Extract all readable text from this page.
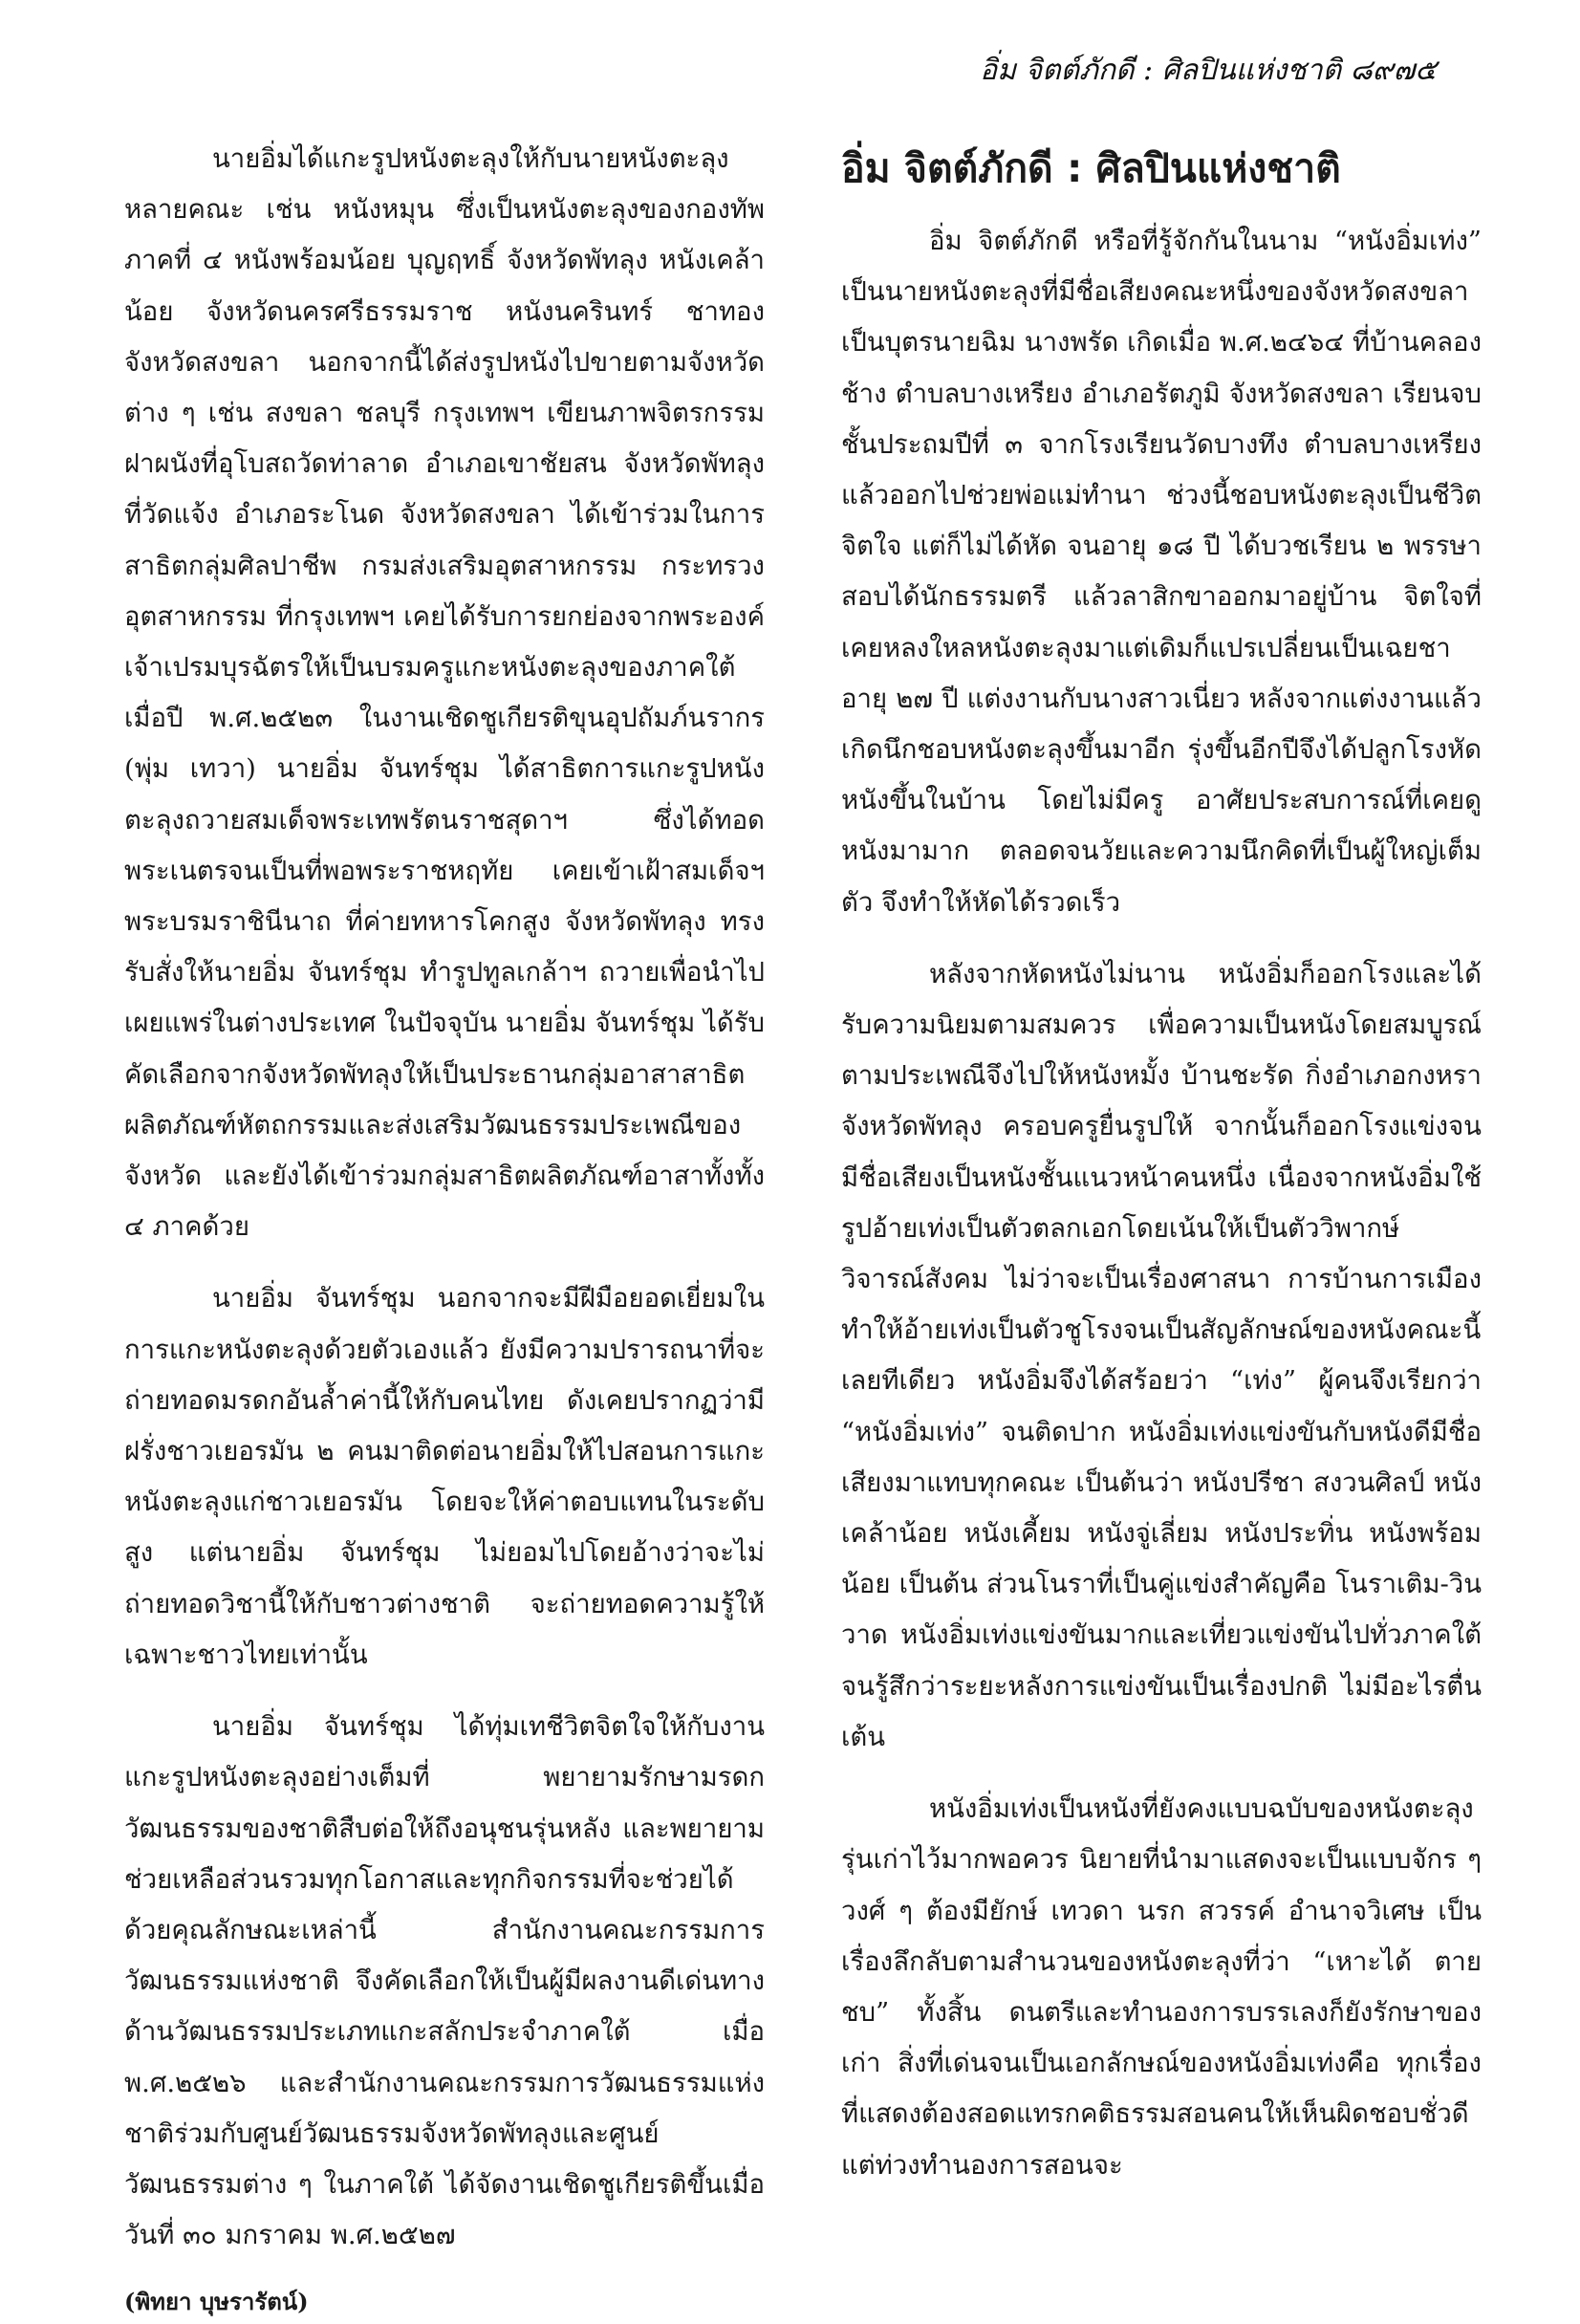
อิ่ม จิตต์ภักดี : ศิลปินแห่งชาติ ๘๙๗๕

นายอิ่มได้แกะรูปหนังตะลุงให้กับนายหนังตะลุงหลายคณะ เช่น หนังหมุน ซึ่งเป็นหนังตะลุงของกองทัพภาคที่ ๔ หนังพร้อมน้อย บุญฤทธิ์ จังหวัดพัทลุง หนังเคล้าน้อย จังหวัดนครศรีธรรมราช หนังนครินทร์ ชาทอง จังหวัดสงขลา นอกจากนี้ได้ส่งรูปหนังไปขายตามจังหวัดต่าง ๆ เช่น สงขลา ชลบุรี กรุงเทพฯ เขียนภาพจิตรกรรมฝาผนังที่อุโบสถวัดท่าลาด อำเภอเขาชัยสน จังหวัดพัทลุง ที่วัดแจ้ง อำเภอระโนด จังหวัดสงขลา ได้เข้าร่วมในการสาธิตกลุ่มศิลปาชีพ กรมส่งเสริมอุตสาหกรรม กระทรวงอุตสาหกรรม ที่กรุงเทพฯ เคยได้รับการยกย่องจากพระองค์เจ้าเปรมบุรฉัตรให้เป็นบรมครูแกะหนังตะลุงของภาคใต้ เมื่อปี พ.ศ.๒๕๒๓ ในงานเชิดชูเกียรติขุนอุปถัมภ์นรากร (พุ่ม เทวา) นายอิ่ม จันทร์ชุม ได้สาธิตการแกะรูปหนังตะลุงถวายสมเด็จพระเทพรัตนราชสุดาฯ ซึ่งได้ทอดพระเนตรจนเป็นที่พอพระราชหฤทัย เคยเข้าเฝ้าสมเด็จฯ พระบรมราชินีนาถ ที่ค่ายทหารโคกสูง จังหวัดพัทลุง ทรงรับสั่งให้นายอิ่ม จันทร์ชุม ทำรูปทูลเกล้าฯ ถวายเพื่อนำไปเผยแพร่ในต่างประเทศ ในปัจจุบัน นายอิ่ม จันทร์ชุม ได้รับคัดเลือกจากจังหวัดพัทลุงให้เป็นประธานกลุ่มอาสาสาธิตผลิตภัณฑ์หัตถกรรมและส่งเสริมวัฒนธรรมประเพณีของจังหวัด และยังได้เข้าร่วมกลุ่มสาธิตผลิตภัณฑ์อาสาทั้งทั้ง ๔ ภาคด้วย

นายอิ่ม จันทร์ชุม นอกจากจะมีฝีมือยอดเยี่ยมในการแกะหนังตะลุงด้วยตัวเองแล้ว ยังมีความปรารถนาที่จะถ่ายทอดมรดกอันล้ำค่านี้ให้กับคนไทย ดังเคยปรากฏว่ามีฝรั่งชาวเยอรมัน ๒ คนมาติดต่อนายอิ่มให้ไปสอนการแกะหนังตะลุงแก่ชาวเยอรมัน โดยจะให้ค่าตอบแทนในระดับสูง แต่นายอิ่ม จันทร์ชุม ไม่ยอมไปโดยอ้างว่าจะไม่ถ่ายทอดวิชานี้ให้กับชาวต่างชาติ จะถ่ายทอดความรู้ให้เฉพาะชาวไทยเท่านั้น

นายอิ่ม จันทร์ชุม ได้ทุ่มเทชีวิตจิตใจให้กับงานแกะรูปหนังตะลุงอย่างเต็มที่ พยายามรักษามรดกวัฒนธรรมของชาติสืบต่อให้ถึงอนุชนรุ่นหลัง และพยายามช่วยเหลือส่วนรวมทุกโอกาสและทุกกิจกรรมที่จะช่วยได้ ด้วยคุณลักษณะเหล่านี้ สำนักงานคณะกรรมการวัฒนธรรมแห่งชาติ จึงคัดเลือกให้เป็นผู้มีผลงานดีเด่นทางด้านวัฒนธรรมประเภทแกะสลักประจำภาคใต้ เมื่อ พ.ศ.๒๕๒๖ และสำนักงานคณะกรรมการวัฒนธรรมแห่งชาติร่วมกับศูนย์วัฒนธรรมจังหวัดพัทลุงและศูนย์วัฒนธรรมต่าง ๆ ในภาคใต้ ได้จัดงานเชิดชูเกียรติขึ้นเมื่อวันที่ ๓๐ มกราคม พ.ศ.๒๕๒๗

(พิทยา บุษรารัตน์)
อิ่ม จิตต์ภักดี : ศิลปินแห่งชาติ

อิ่ม จิตต์ภักดี หรือที่รู้จักกันในนาม “หนังอิ่มเท่ง” เป็นนายหนังตะลุงที่มีชื่อเสียงคณะหนึ่งของจังหวัดสงขลา เป็นบุตรนายฉิม นางพรัด เกิดเมื่อ พ.ศ.๒๔๖๔ ที่บ้านคลองช้าง ตำบลบางเหรียง อำเภอรัตภูมิ จังหวัดสงขลา เรียนจบชั้นประถมปีที่ ๓ จากโรงเรียนวัดบางทึง ตำบลบางเหรียง แล้วออกไปช่วยพ่อแม่ทำนา ช่วงนี้ชอบหนังตะลุงเป็นชีวิตจิตใจ แต่ก็ไม่ได้หัด จนอายุ ๑๘ ปี ได้บวชเรียน ๒ พรรษา สอบได้นักธรรมตรี แล้วลาสิกขาออกมาอยู่บ้าน จิตใจที่เคยหลงใหลหนังตะลุงมาแต่เดิมก็แปรเปลี่ยนเป็นเฉยชา อายุ ๒๗ ปี แต่งงานกับนางสาวเนี่ยว หลังจากแต่งงานแล้วเกิดนึกชอบหนังตะลุงขึ้นมาอีก รุ่งขึ้นอีกปีจึงได้ปลูกโรงหัดหนังขึ้นในบ้าน โดยไม่มีครู อาศัยประสบการณ์ที่เคยดูหนังมามาก ตลอดจนวัยและความนึกคิดที่เป็นผู้ใหญ่เต็มตัว จึงทำให้หัดได้รวดเร็ว

หลังจากหัดหนังไม่นาน หนังอิ่มก็ออกโรงและได้รับความนิยมตามสมควร เพื่อความเป็นหนังโดยสมบูรณ์ตามประเพณีจึงไปให้หนังหมั้ง บ้านชะรัด กิ่งอำเภอกงหรา จังหวัดพัทลุง ครอบครูยื่นรูปให้ จากนั้นก็ออกโรงแข่งจนมีชื่อเสียงเป็นหนังชั้นแนวหน้าคนหนึ่ง เนื่องจากหนังอิ่มใช้รูปอ้ายเท่งเป็นตัวตลกเอกโดยเน้นให้เป็นตัววิพากษ์วิจารณ์สังคม ไม่ว่าจะเป็นเรื่องศาสนา การบ้านการเมือง ทำให้อ้ายเท่งเป็นตัวชูโรงจนเป็นสัญลักษณ์ของหนังคณะนี้เลยทีเดียว หนังอิ่มจึงได้สร้อยว่า “เท่ง” ผู้คนจึงเรียกว่า “หนังอิ่มเท่ง” จนติดปาก หนังอิ่มเท่งแข่งขันกับหนังดีมีชื่อเสียงมาแทบทุกคณะ เป็นต้นว่า หนังปรีชา สงวนศิลป์ หนังเคล้าน้อย หนังเคี้ยม หนังจู่เลี่ยม หนังประทิ่น หนังพร้อมน้อย เป็นต้น ส่วนโนราที่เป็นคู่แข่งสำคัญคือ โนราเติม-วินวาด หนังอิ่มเท่งแข่งขันมากและเที่ยวแข่งขันไปทั่วภาคใต้จนรู้สึกว่าระยะหลังการแข่งขันเป็นเรื่องปกติ ไม่มีอะไรตื่นเต้น

หนังอิ่มเท่งเป็นหนังที่ยังคงแบบฉบับของหนังตะลุงรุ่นเก่าไว้มากพอควร นิยายที่นำมาแสดงจะเป็นแบบจักร ๆ วงศ์ ๆ ต้องมียักษ์ เทวดา นรก สวรรค์ อำนาจวิเศษ เป็นเรื่องลึกลับตามสำนวนของหนังตะลุงที่ว่า “เหาะได้ ตายชบ” ทั้งสิ้น ดนตรีและทำนองการบรรเลงก็ยังรักษาของเก่า สิ่งที่เด่นจนเป็นเอกลักษณ์ของหนังอิ่มเท่งคือ ทุกเรื่องที่แสดงต้องสอดแทรกคติธรรมสอนคนให้เห็นผิดชอบชั่วดี แต่ท่วงทำนองการสอนจะ
